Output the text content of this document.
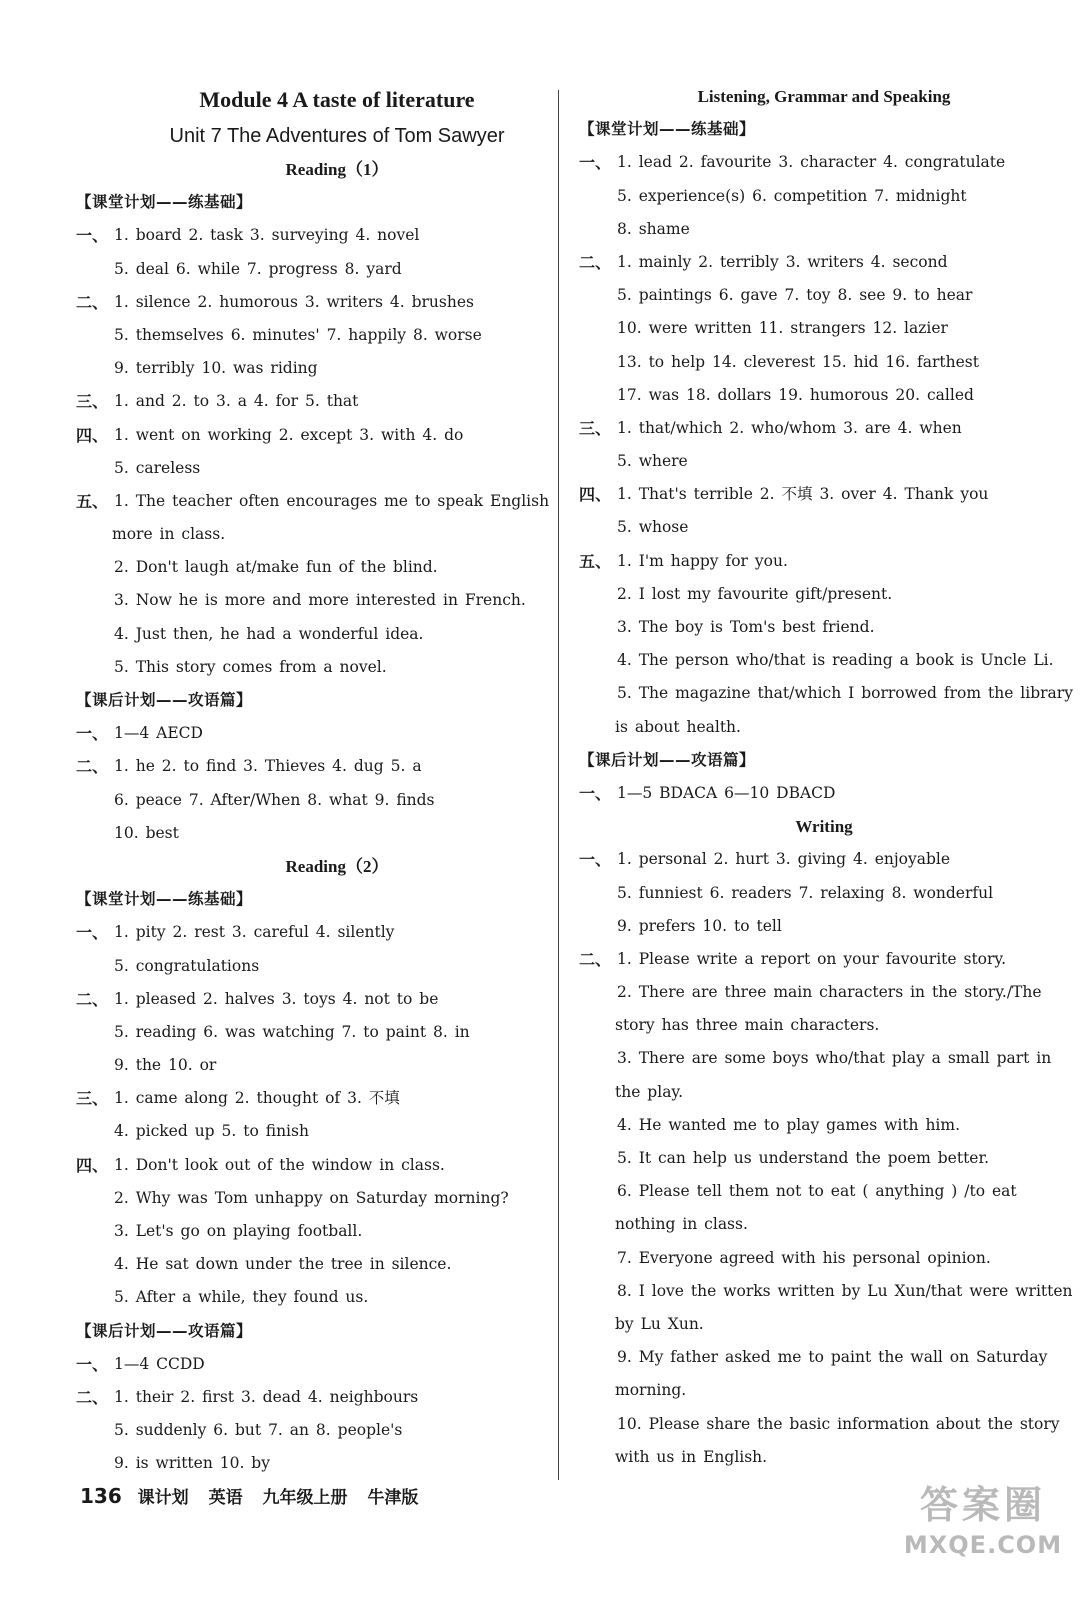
Module 4 A taste of literature
Unit 7 The Adventures of Tom Sawyer
Reading（1）
【课堂计划——练基础】
一、 1. board 2. task 3. surveying 4. novel
5. deal 6. while 7. progress 8. yard
二、 1. silence 2. humorous 3. writers 4. brushes
5. themselves 6. minutes' 7. happily 8. worse
9. terribly 10. was riding
三、 1. and 2. to 3. a 4. for 5. that
四、 1. went on working 2. except 3. with 4. do
5. careless
五、 1. The teacher often encourages me to speak English
more in class.
2. Don't laugh at/make fun of the blind.
3. Now he is more and more interested in French.
4. Just then, he had a wonderful idea.
5. This story comes from a novel.
【课后计划——攻语篇】
一、 1—4 AECD
二、 1. he 2. to find 3. Thieves 4. dug 5. a
6. peace 7. After/When 8. what 9. finds
10. best
Reading（2）
【课堂计划——练基础】
一、 1. pity 2. rest 3. careful 4. silently
5. congratulations
二、 1. pleased 2. halves 3. toys 4. not to be
5. reading 6. was watching 7. to paint 8. in
9. the 10. or
三、 1. came along 2. thought of 3. 不填
4. picked up 5. to finish
四、 1. Don't look out of the window in class.
2. Why was Tom unhappy on Saturday morning?
3. Let's go on playing football.
4. He sat down under the tree in silence.
5. After a while, they found us.
【课后计划——攻语篇】
一、 1—4 CCDD
二、 1. their 2. first 3. dead 4. neighbours
5. suddenly 6. but 7. an 8. people's
9. is written 10. by
Listening, Grammar and Speaking
【课堂计划——练基础】
一、 1. lead 2. favourite 3. character 4. congratulate
5. experience(s) 6. competition 7. midnight
8. shame
二、 1. mainly 2. terribly 3. writers 4. second
5. paintings 6. gave 7. toy 8. see 9. to hear
10. were written 11. strangers 12. lazier
13. to help 14. cleverest 15. hid 16. farthest
17. was 18. dollars 19. humorous 20. called
三、 1. that/which 2. who/whom 3. are 4. when
5. where
四、 1. That's terrible 2. 不填 3. over 4. Thank you
5. whose
五、 1. I'm happy for you.
2. I lost my favourite gift/present.
3. The boy is Tom's best friend.
4. The person who/that is reading a book is Uncle Li.
5. The magazine that/which I borrowed from the library
is about health.
【课后计划——攻语篇】
一、 1—5 BDACA 6—10 DBACD
Writing
一、 1. personal 2. hurt 3. giving 4. enjoyable
5. funniest 6. readers 7. relaxing 8. wonderful
9. prefers 10. to tell
二、 1. Please write a report on your favourite story.
2. There are three main characters in the story./The
story has three main characters.
3. There are some boys who/that play a small part in
the play.
4. He wanted me to play games with him.
5. It can help us understand the poem better.
6. Please tell them not to eat ( anything ) /to eat
nothing in class.
7. Everyone agreed with his personal opinion.
8. I love the works written by Lu Xun/that were written
by Lu Xun.
9. My father asked me to paint the wall on Saturday
morning.
10. Please share the basic information about the story
with us in English.
136 课计划 英语 九年级上册 牛津版	答案圈
MXQE.COM
